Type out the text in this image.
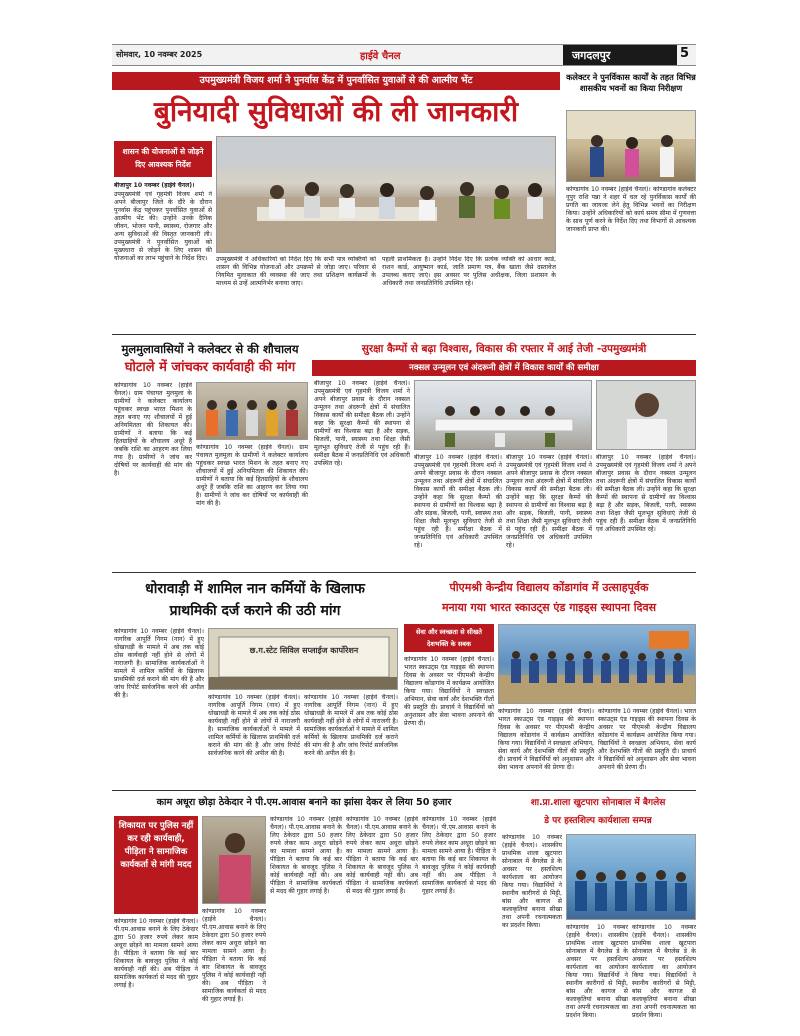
सोमवार, 10 नवम्बर 2025	हाईवे चैनल	जगदलपुर	5
उपमुख्यमंत्री विजय शर्मा ने पुनर्वास केंद्र में पुनर्वासित युवाओं से की आत्मीय भेंट
बुनियादी सुविधाओं की ली जानकारी
शासन की योजनाओं से जोड़ने दिए आवश्यक निर्देश
बीजापुर 10 नवम्बर (हाईवे चैनल)।
उपमुख्यमंत्री एवं गृहमंत्री विजय शर्मा ने अपने बीजापुर जिले के दौरे के दौरान पुनर्वास केंद्र पहुंचकर पुनर्वासित युवाओं से आत्मीय भेंट की। उन्होंने उनके दैनिक जीवन, भोजन पानी, स्वास्थ्य, रोजगार और अन्य सुविधाओं की विस्तृत जानकारी ली। उपमुख्यमंत्री ने पुनर्वासित युवाओं को मुख्यधारा से जोड़ने के लिए शासन की योजनाओं का लाभ पहुंचाने के निर्देश दिए।	उपमुख्यमंत्री ने अधिकारियों को निर्देश दिए कि सभी पात्र व्यक्तियों को शासन की विभिन्न योजनाओं और उपक्रमों से जोड़ा जाए। परिवार से नियमित मुलाकात की व्यवस्था की जाए तथा प्रशिक्षण कार्यक्रमों के माध्यम से उन्हें आत्मनिर्भर बनाया जाए।
पहली प्राथमिकता है। उन्होंने निर्देश दिए कि प्रत्येक व्यक्ति को आधार कार्ड, राशन कार्ड, आयुष्मान कार्ड, जाति प्रमाण पत्र, बैंक खाता जैसे दस्तावेज उपलब्ध कराए जाएं। इस अवसर पर पुलिस अधीक्षक, जिला प्रशासन के अधिकारी तथा जनप्रतिनिधि उपस्थित रहे।
कलेक्टर ने पुनर्विकास कार्यों के तहत विभिन्न शासकीय भवनों का किया निरीक्षण
कोण्डागांव 10 नवम्बर (हाईवे चैनल)। कोण्डागांव कलेक्टर नूपुर राशि पन्ना ने शहर में चल रहे पुनर्विकास कार्यों की प्रगति का जायजा लेने हेतु विभिन्न भवनों का निरीक्षण किया। उन्होंने अधिकारियों को कार्य समय सीमा में गुणवत्ता के साथ पूर्ण करने के निर्देश दिए तथा विभागों से आवश्यक जानकारी प्राप्त की।
मुलमुलावासियों ने कलेक्टर से की शौचालय
घोटाले में जांचकर कार्यवाही की मांग
कोण्डागांव 10 नवम्बर (हाईवे चैनल)। ग्राम पंचायत मुलमुला के ग्रामीणों ने कलेक्टर कार्यालय पहुंचकर स्वच्छ भारत मिशन के तहत बनाए गए शौचालयों में हुई अनियमितता की शिकायत की। ग्रामीणों ने बताया कि कई हितग्राहियों के शौचालय अधूरे हैं जबकि राशि का आहरण कर लिया गया है। ग्रामीणों ने जांच कर दोषियों पर कार्यवाही की मांग की है।
कोण्डागांव 10 नवम्बर (हाईवे चैनल)। ग्राम पंचायत मुलमुला के ग्रामीणों ने कलेक्टर कार्यालय पहुंचकर स्वच्छ भारत मिशन के तहत बनाए गए शौचालयों में हुई अनियमितता की शिकायत की। ग्रामीणों ने बताया कि कई हितग्राहियों के शौचालय अधूरे हैं जबकि राशि का आहरण कर लिया गया है। ग्रामीणों ने जांच कर दोषियों पर कार्यवाही की मांग की है।
सुरक्षा कैम्पों से बढ़ा विश्वास, विकास की रफ्तार में आई तेजी -उपमुख्यमंत्री
नक्सल उन्मूलन एवं अंदरूनी क्षेत्रों में विकास कार्यों की समीक्षा
बीजापुर 10 नवम्बर (हाईवे चैनल)। उपमुख्यमंत्री एवं गृहमंत्री विजय शर्मा ने अपने बीजापुर प्रवास के दौरान नक्सल उन्मूलन तथा अंदरूनी क्षेत्रों में संचालित विकास कार्यों की समीक्षा बैठक ली। उन्होंने कहा कि सुरक्षा कैम्पों की स्थापना से ग्रामीणों का विश्वास बढ़ा है और सड़क, बिजली, पानी, स्वास्थ्य तथा शिक्षा जैसी मूलभूत सुविधाएं तेजी से पहुंच रही हैं। समीक्षा बैठक में जनप्रतिनिधि एवं अधिकारी उपस्थित रहे।
बीजापुर 10 नवम्बर (हाईवे चैनल)। उपमुख्यमंत्री एवं गृहमंत्री विजय शर्मा ने अपने बीजापुर प्रवास के दौरान नक्सल उन्मूलन तथा अंदरूनी क्षेत्रों में संचालित विकास कार्यों की समीक्षा बैठक ली। उन्होंने कहा कि सुरक्षा कैम्पों की स्थापना से ग्रामीणों का विश्वास बढ़ा है और सड़क, बिजली, पानी, स्वास्थ्य तथा शिक्षा जैसी मूलभूत सुविधाएं तेजी से पहुंच रही हैं। समीक्षा बैठक में जनप्रतिनिधि एवं अधिकारी उपस्थित रहे।
बीजापुर 10 नवम्बर (हाईवे चैनल)। उपमुख्यमंत्री एवं गृहमंत्री विजय शर्मा ने अपने बीजापुर प्रवास के दौरान नक्सल उन्मूलन तथा अंदरूनी क्षेत्रों में संचालित विकास कार्यों की समीक्षा बैठक ली। उन्होंने कहा कि सुरक्षा कैम्पों की स्थापना से ग्रामीणों का विश्वास बढ़ा है और सड़क, बिजली, पानी, स्वास्थ्य तथा शिक्षा जैसी मूलभूत सुविधाएं तेजी से पहुंच रही हैं। समीक्षा बैठक में जनप्रतिनिधि एवं अधिकारी उपस्थित रहे।
बीजापुर 10 नवम्बर (हाईवे चैनल)। उपमुख्यमंत्री एवं गृहमंत्री विजय शर्मा ने अपने बीजापुर प्रवास के दौरान नक्सल उन्मूलन तथा अंदरूनी क्षेत्रों में संचालित विकास कार्यों की समीक्षा बैठक ली। उन्होंने कहा कि सुरक्षा कैम्पों की स्थापना से ग्रामीणों का विश्वास बढ़ा है और सड़क, बिजली, पानी, स्वास्थ्य तथा शिक्षा जैसी मूलभूत सुविधाएं तेजी से पहुंच रही हैं। समीक्षा बैठक में जनप्रतिनिधि एवं अधिकारी उपस्थित रहे।
धोरावाड़ी में शामिल नान कर्मियों के खिलाफ
प्राथमिकी दर्ज कराने की उठी मांग
कोण्डागांव 10 नवम्बर (हाईवे चैनल)। नागरिक आपूर्ति निगम (नान) में हुए धोखाधड़ी के मामले में अब तक कोई ठोस कार्यवाही नहीं होने से लोगों में नाराजगी है। सामाजिक कार्यकर्ताओं ने मामले में शामिल कर्मियों के खिलाफ प्राथमिकी दर्ज कराने की मांग की है और जांच रिपोर्ट सार्वजनिक करने की अपील की है।
छ.ग.स्टेट सिविल सप्लाईज कार्पोरेशन
कोण्डागांव 10 नवम्बर (हाईवे चैनल)। नागरिक आपूर्ति निगम (नान) में हुए धोखाधड़ी के मामले में अब तक कोई ठोस कार्यवाही नहीं होने से लोगों में नाराजगी है। सामाजिक कार्यकर्ताओं ने मामले में शामिल कर्मियों के खिलाफ प्राथमिकी दर्ज कराने की मांग की है और जांच रिपोर्ट सार्वजनिक करने की अपील की है।
कोण्डागांव 10 नवम्बर (हाईवे चैनल)। नागरिक आपूर्ति निगम (नान) में हुए धोखाधड़ी के मामले में अब तक कोई ठोस कार्यवाही नहीं होने से लोगों में नाराजगी है। सामाजिक कार्यकर्ताओं ने मामले में शामिल कर्मियों के खिलाफ प्राथमिकी दर्ज कराने की मांग की है और जांच रिपोर्ट सार्वजनिक करने की अपील की है।
पीएमश्री केन्द्रीय विद्यालय कोंडागांव में उत्साहपूर्वक
मनाया गया भारत स्काउट्स एंड गाइड्स स्थापना दिवस
सेवा और स्वच्छता से सीखते देशभक्ति के सबक
कोण्डागांव 10 नवम्बर (हाईवे चैनल)। भारत स्काउट्स एंड गाइड्स की स्थापना दिवस के अवसर पर पीएमश्री केन्द्रीय विद्यालय कोंडागांव में कार्यक्रम आयोजित किया गया। विद्यार्थियों ने स्वच्छता अभियान, सेवा कार्य और देशभक्ति गीतों की प्रस्तुति दी। प्राचार्य ने विद्यार्थियों को अनुशासन और सेवा भावना अपनाने की प्रेरणा दी।
कोण्डागांव 10 नवम्बर (हाईवे चैनल)। भारत स्काउट्स एंड गाइड्स की स्थापना दिवस के अवसर पर पीएमश्री केन्द्रीय विद्यालय कोंडागांव में कार्यक्रम आयोजित किया गया। विद्यार्थियों ने स्वच्छता अभियान, सेवा कार्य और देशभक्ति गीतों की प्रस्तुति दी। प्राचार्य ने विद्यार्थियों को अनुशासन और सेवा भावना अपनाने की प्रेरणा दी।
कोण्डागांव 10 नवम्बर (हाईवे चैनल)। भारत स्काउट्स एंड गाइड्स की स्थापना दिवस के अवसर पर पीएमश्री केन्द्रीय विद्यालय कोंडागांव में कार्यक्रम आयोजित किया गया। विद्यार्थियों ने स्वच्छता अभियान, सेवा कार्य और देशभक्ति गीतों की प्रस्तुति दी। प्राचार्य ने विद्यार्थियों को अनुशासन और सेवा भावना अपनाने की प्रेरणा दी।
काम अधूरा छोड़ा ठेकेदार ने पी.एम.आवास बनाने का झांसा देकर ले लिया 50 हजार
शिकायत पर पुलिस नहीं कर रही कार्यवाही, पीड़िता ने सामाजिक कार्यकर्ता से मांगी मदद
कोण्डागांव 10 नवम्बर (हाईवे चैनल)। पी.एम.आवास बनाने के लिए ठेकेदार द्वारा 50 हजार रुपये लेकर काम अधूरा छोड़ने का मामला सामने आया है। पीड़िता ने बताया कि कई बार शिकायत के बावजूद पुलिस ने कोई कार्यवाही नहीं की। अब पीड़िता ने सामाजिक कार्यकर्ता से मदद की गुहार लगाई है।
कोण्डागांव 10 नवम्बर (हाईवे चैनल)। पी.एम.आवास बनाने के लिए ठेकेदार द्वारा 50 हजार रुपये लेकर काम अधूरा छोड़ने का मामला सामने आया है। पीड़िता ने बताया कि कई बार शिकायत के बावजूद पुलिस ने कोई कार्यवाही नहीं की। अब पीड़िता ने सामाजिक कार्यकर्ता से मदद की गुहार लगाई है।
कोण्डागांव 10 नवम्बर (हाईवे चैनल)। पी.एम.आवास बनाने के लिए ठेकेदार द्वारा 50 हजार रुपये लेकर काम अधूरा छोड़ने का मामला सामने आया है। पीड़िता ने बताया कि कई बार शिकायत के बावजूद पुलिस ने कोई कार्यवाही नहीं की। अब पीड़िता ने सामाजिक कार्यकर्ता से मदद की गुहार लगाई है।
कोण्डागांव 10 नवम्बर (हाईवे चैनल)। पी.एम.आवास बनाने के लिए ठेकेदार द्वारा 50 हजार रुपये लेकर काम अधूरा छोड़ने का मामला सामने आया है। पीड़िता ने बताया कि कई बार शिकायत के बावजूद पुलिस ने कोई कार्यवाही नहीं की। अब पीड़िता ने सामाजिक कार्यकर्ता से मदद की गुहार लगाई है।
कोण्डागांव 10 नवम्बर (हाईवे चैनल)। पी.एम.आवास बनाने के लिए ठेकेदार द्वारा 50 हजार रुपये लेकर काम अधूरा छोड़ने का मामला सामने आया है। पीड़िता ने बताया कि कई बार शिकायत के बावजूद पुलिस ने कोई कार्यवाही नहीं की। अब पीड़िता ने सामाजिक कार्यकर्ता से मदद की गुहार लगाई है।
शा.प्रा.शाला खुटपारा सोनाबाल में बैगलेस
डे पर हस्तशिल्प कार्यशाला सम्पन्न
कोण्डागांव 10 नवम्बर (हाईवे चैनल)। शासकीय प्राथमिक शाला खुटपारा सोनाबाल में बैगलेस डे के अवसर पर हस्तशिल्प कार्यशाला का आयोजन किया गया। विद्यार्थियों ने स्थानीय कारीगरों से मिट्टी, बांस और कागज से कलाकृतियां बनाना सीखा तथा अपनी रचनात्मकता का प्रदर्शन किया।	कोण्डागांव 10 नवम्बर (हाईवे चैनल)। शासकीय प्राथमिक शाला खुटपारा सोनाबाल में बैगलेस डे के अवसर पर हस्तशिल्प कार्यशाला का आयोजन किया गया। विद्यार्थियों ने स्थानीय कारीगरों से मिट्टी, बांस और कागज से कलाकृतियां बनाना सीखा तथा अपनी रचनात्मकता का प्रदर्शन किया।
कोण्डागांव 10 नवम्बर (हाईवे चैनल)। शासकीय प्राथमिक शाला खुटपारा सोनाबाल में बैगलेस डे के अवसर पर हस्तशिल्प कार्यशाला का आयोजन किया गया। विद्यार्थियों ने स्थानीय कारीगरों से मिट्टी, बांस और कागज से कलाकृतियां बनाना सीखा तथा अपनी रचनात्मकता का प्रदर्शन किया।
